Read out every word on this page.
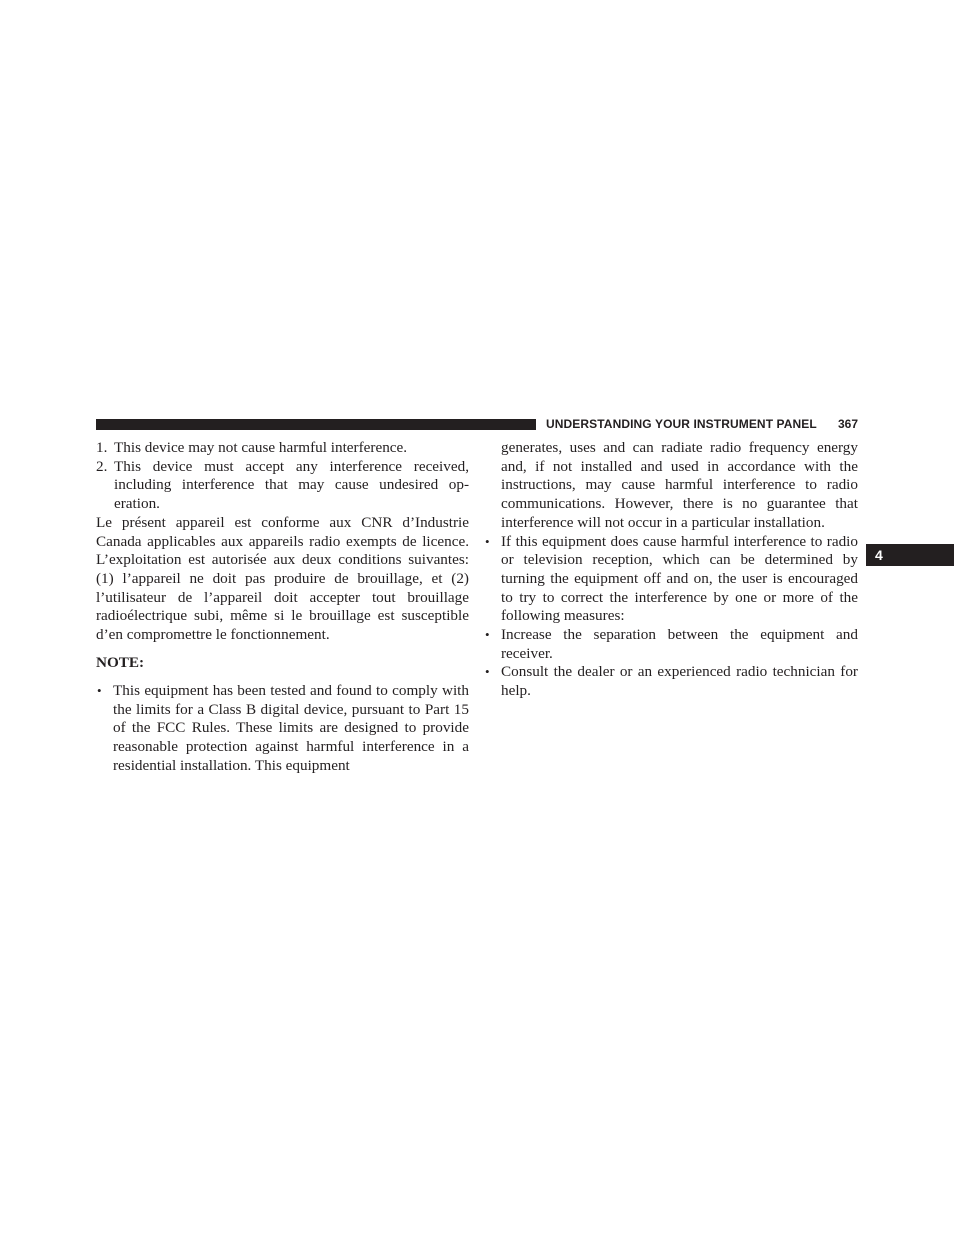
UNDERSTANDING YOUR INSTRUMENT PANEL 367
4

1. This device may not cause harmful interference.

2. This device must accept any interference received, including interference that may cause undesired operation.

Le présent appareil est conforme aux CNR d’Industrie Canada applicables aux appareils radio exempts de licence. L’exploitation est autorisée aux deux conditions suivantes: (1) l’appareil ne doit pas produire de brouillage, et (2) l’utilisateur de l’appareil doit accepter tout brouillage radioélectrique subi, même si le brouillage est susceptible d’en compromettre le fonctionnement.

NOTE:

• This equipment has been tested and found to comply with the limits for a Class B digital device, pursuant to Part 15 of the FCC Rules. These limits are designed to provide reasonable protection against harmful interference in a residential installation. This equipment

generates, uses and can radiate radio frequency energy and, if not installed and used in accordance with the instructions, may cause harmful interference to radio communications. However, there is no guarantee that interference will not occur in a particular installation.

• If this equipment does cause harmful interference to radio or television reception, which can be determined by turning the equipment off and on, the user is encouraged to try to correct the interference by one or more of the following measures:

• Increase the separation between the equipment and receiver.

• Consult the dealer or an experienced radio technician for help.
